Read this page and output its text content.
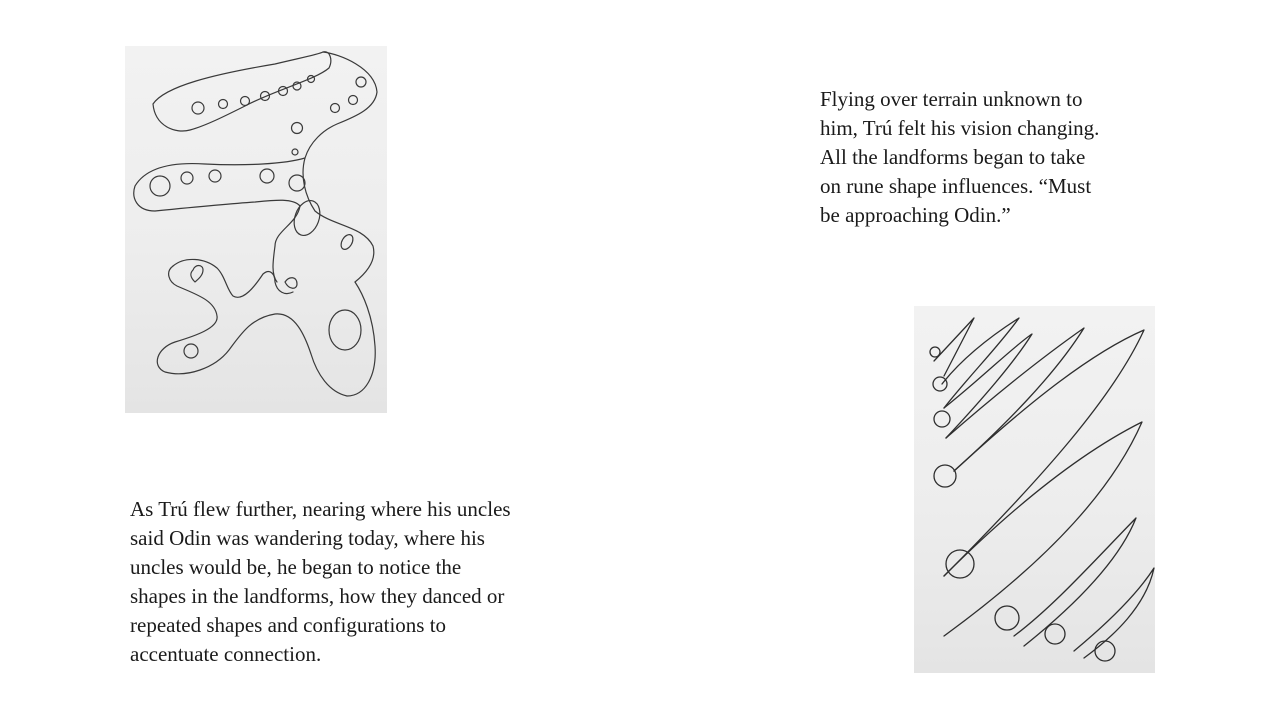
Flying over terrain unknown to
him, Trú felt his vision changing.
All the landforms began to take
on rune shape influences. “Must
be approaching Odin.”
As Trú flew further, nearing where his uncles
said Odin was wandering today, where his
uncles would be, he began to notice the
shapes in the landforms, how they danced or
repeated shapes and configurations to
accentuate connection.
